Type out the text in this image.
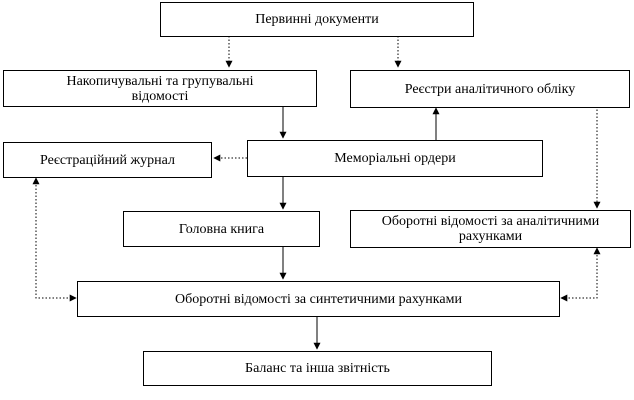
Первинні документи
Накопичувальні та групувальні відомості	Реєстри аналітичного обліку
Реєстраційний журнал	Меморіальні ордери
Головна книга	Оборотні відомості за аналітичними рахунками
Оборотні відомості за синтетичними рахунками
Баланс та інша звітність
